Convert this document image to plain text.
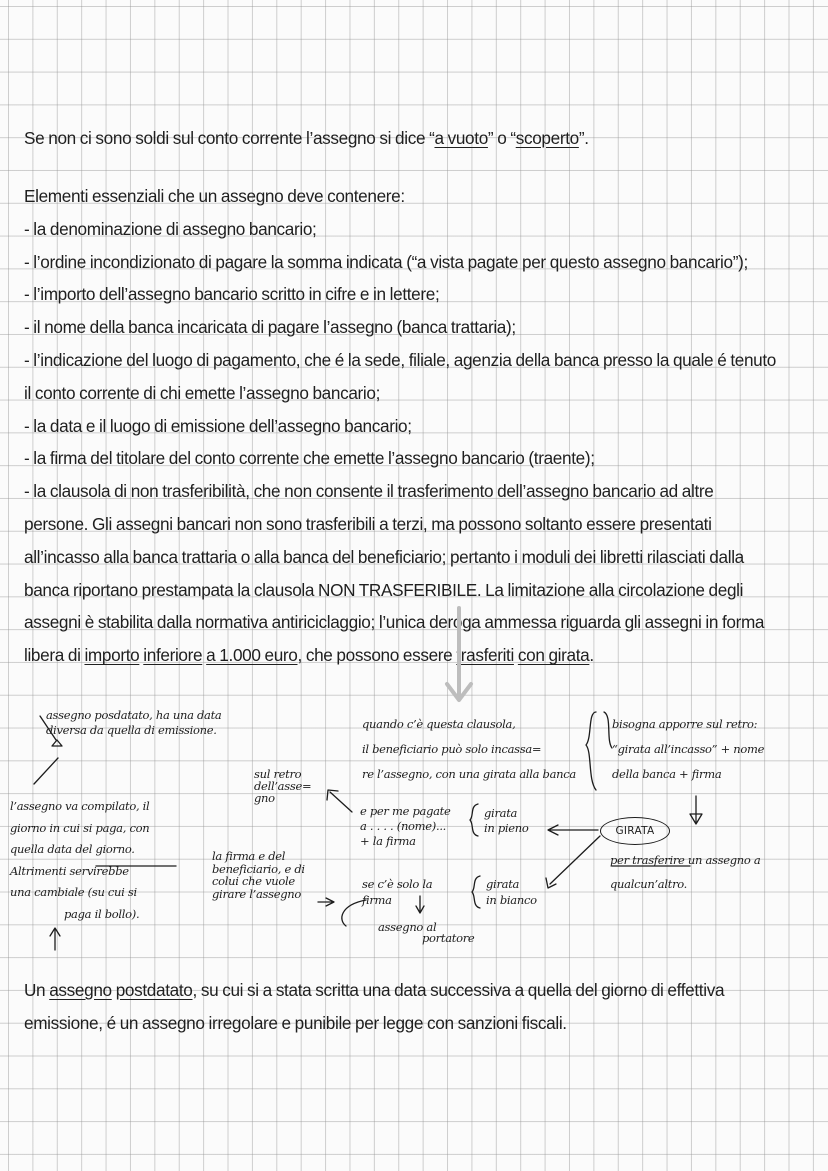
Se non ci sono soldi sul conto corrente l’assegno si dice “a vuoto” o “scoperto”.
Elementi essenziali che un assegno deve contenere:
- la denominazione di assegno bancario;
- l’ordine incondizionato di pagare la somma indicata (“a vista pagate per questo assegno bancario”);
- l’importo dell’assegno bancario scritto in cifre e in lettere;
- il nome della banca incaricata di pagare l’assegno (banca trattaria);
- l’indicazione del luogo di pagamento, che é la sede, filiale, agenzia della banca presso la quale é tenuto
il conto corrente di chi emette l’assegno bancario;
- la data e il luogo di emissione dell’assegno bancario;
- la firma del titolare del conto corrente che emette l’assegno bancario (traente);
- la clausola di non trasferibilità, che non consente il trasferimento dell’assegno bancario ad altre
persone. Gli assegni bancari non sono trasferibili a terzi, ma possono soltanto essere presentati
all’incasso alla banca trattaria o alla banca del beneficiario; pertanto i moduli dei libretti rilasciati dalla
banca riportano prestampata la clausola NON TRASFERIBILE. La limitazione alla circolazione degli
assegni è stabilita dalla normativa antiriciclaggio; l’unica deroga ammessa riguarda gli assegni in forma
libera di importo inferiore a 1.000 euro, che possono essere trasferiti con girata.
assegno posdatato, ha una data
diversa da quella di emissione.
l’assegno va compilato, il
giorno in cui si paga, con
quella data del giorno.
Altrimenti servirebbe
una cambiale (su cui si
paga il bollo).
sul retro
dell’asse=
gno
la firma e del
beneficiario, e di
colui che vuole
girare l’assegno
quando c’è questa clausola,
il beneficiario può solo incassa=
re l’assegno, con una girata alla banca
bisogna apporre sul retro:
“girata all’incasso” + nome
della banca + firma
e per me pagate
a . . . . (nome)...
+ la firma
girata
in pieno	GIRATA
per trasferire un assegno a
qualcun’altro.
se c’è solo la
firma
girata
in bianco
assegno al
portatore
Un assegno postdatato, su cui si a stata scritta una data successiva a quella del giorno di effettiva
emissione, é un assegno irregolare e punibile per legge con sanzioni fiscali.
